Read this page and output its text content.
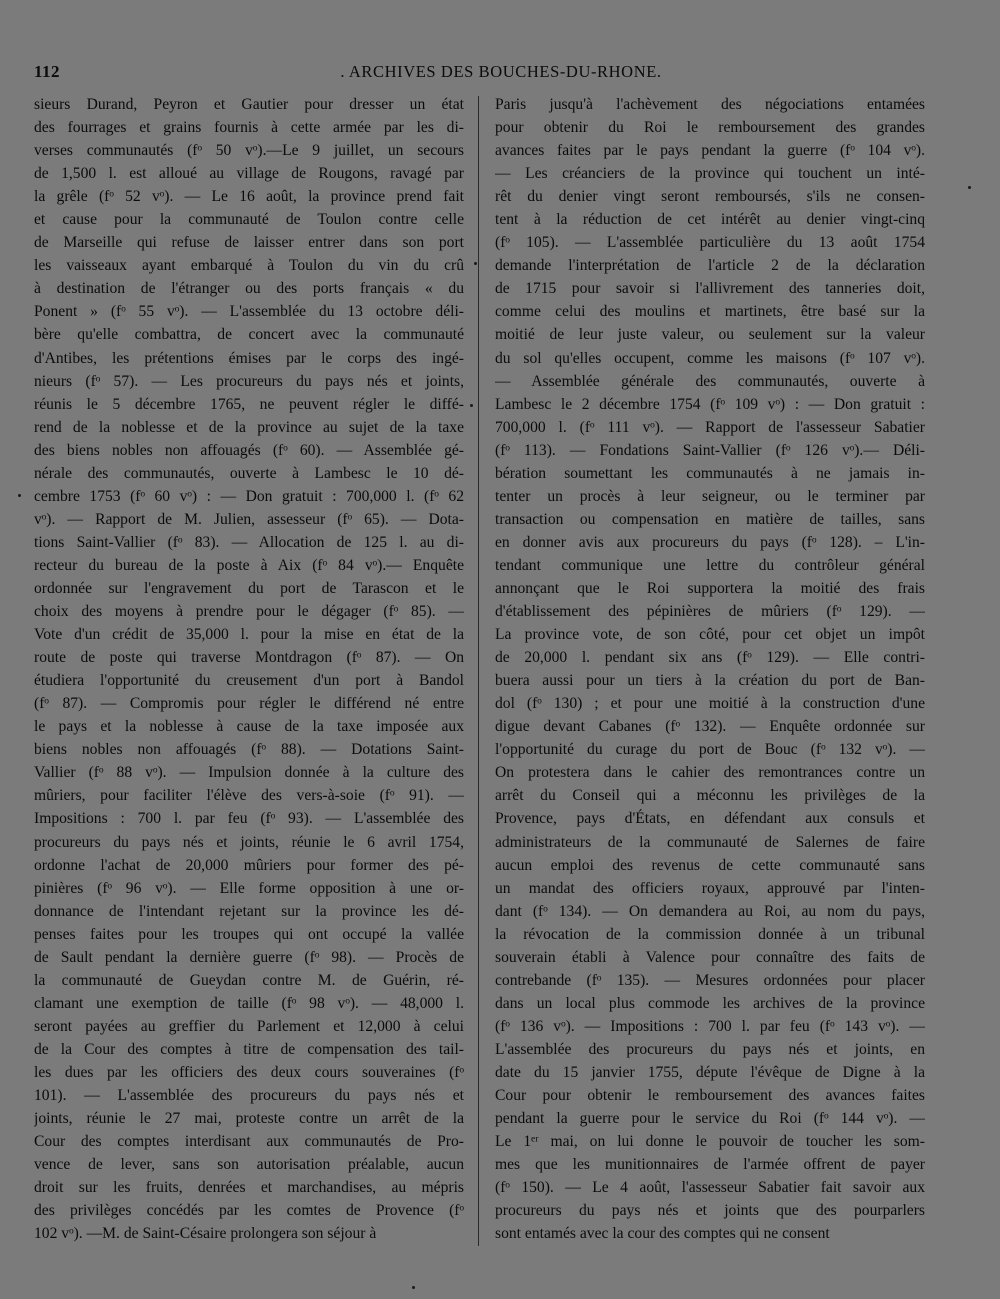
112	. ARCHIVES DES BOUCHES-DU-RHONE.
sieurs Durand, Peyron et Gautier pour dresser un état
des fourrages et grains fournis à cette armée par les di-
verses communautés (fᵒ 50 vᵒ).—Le 9 juillet, un secours
de 1,500 l. est alloué au village de Rougons, ravagé par
la grêle (fᵒ 52 vᵒ). — Le 16 août, la province prend fait
et cause pour la communauté de Toulon contre celle
de Marseille qui refuse de laisser entrer dans son port
les vaisseaux ayant embarqué à Toulon du vin du crû
à destination de l'étranger ou des ports français « du
Ponent » (fᵒ 55 vᵒ). — L'assemblée du 13 octobre déli-
bère qu'elle combattra, de concert avec la communauté
d'Antibes, les prétentions émises par le corps des ingé-
nieurs (fᵒ 57). — Les procureurs du pays nés et joints,
réunis le 5 décembre 1765, ne peuvent régler le diffé-
rend de la noblesse et de la province au sujet de la taxe
des biens nobles non affouagés (fᵒ 60). — Assemblée gé-
nérale des communautés, ouverte à Lambesc le 10 dé-
cembre 1753 (fᵒ 60 vᵒ) : — Don gratuit : 700,000 l. (fᵒ 62
vᵒ). — Rapport de M. Julien, assesseur (fᵒ 65). — Dota-
tions Saint-Vallier (fᵒ 83). — Allocation de 125 l. au di-
recteur du bureau de la poste à Aix (fᵒ 84 vᵒ).— Enquête
ordonnée sur l'engravement du port de Tarascon et le
choix des moyens à prendre pour le dégager (fᵒ 85). —
Vote d'un crédit de 35,000 l. pour la mise en état de la
route de poste qui traverse Montdragon (fᵒ 87). — On
étudiera l'opportunité du creusement d'un port à Bandol
(fᵒ 87). — Compromis pour régler le différend né entre
le pays et la noblesse à cause de la taxe imposée aux
biens nobles non affouagés (fᵒ 88). — Dotations Saint-
Vallier (fᵒ 88 vᵒ). — Impulsion donnée à la culture des
mûriers, pour faciliter l'élève des vers-à-soie (fᵒ 91). —
Impositions : 700 l. par feu (fᵒ 93). — L'assemblée des
procureurs du pays nés et joints, réunie le 6 avril 1754,
ordonne l'achat de 20,000 mûriers pour former des pé-
pinières (fᵒ 96 vᵒ). — Elle forme opposition à une or-
donnance de l'intendant rejetant sur la province les dé-
penses faites pour les troupes qui ont occupé la vallée
de Sault pendant la dernière guerre (fᵒ 98). — Procès de
la communauté de Gueydan contre M. de Guérin, ré-
clamant une exemption de taille (fᵒ 98 vᵒ). — 48,000 l.
seront payées au greffier du Parlement et 12,000 à celui
de la Cour des comptes à titre de compensation des tail-
les dues par les officiers des deux cours souveraines (fᵒ
101). — L'assemblée des procureurs du pays nés et
joints, réunie le 27 mai, proteste contre un arrêt de la
Cour des comptes interdisant aux communautés de Pro-
vence de lever, sans son autorisation préalable, aucun
droit sur les fruits, denrées et marchandises, au mépris
des privilèges concédés par les comtes de Provence (fᵒ
102 vᵒ). —M. de Saint-Césaire prolongera son séjour à
Paris jusqu'à l'achèvement des négociations entamées
pour obtenir du Roi le remboursement des grandes
avances faites par le pays pendant la guerre (fᵒ 104 vᵒ).
— Les créanciers de la province qui touchent un inté-
rêt du denier vingt seront remboursés, s'ils ne consen-
tent à la réduction de cet intérêt au denier vingt-cinq
(fᵒ 105). — L'assemblée particulière du 13 août 1754
demande l'interprétation de l'article 2 de la déclaration
de 1715 pour savoir si l'allivrement des tanneries doit,
comme celui des moulins et martinets, être basé sur la
moitié de leur juste valeur, ou seulement sur la valeur
du sol qu'elles occupent, comme les maisons (fᵒ 107 vᵒ).
— Assemblée générale des communautés, ouverte à
Lambesc le 2 décembre 1754 (fᵒ 109 vᵒ) : — Don gratuit :
700,000 l. (fᵒ 111 vᵒ). — Rapport de l'assesseur Sabatier
(fᵒ 113). — Fondations Saint-Vallier (fᵒ 126 vᵒ).— Déli-
bération soumettant les communautés à ne jamais in-
tenter un procès à leur seigneur, ou le terminer par
transaction ou compensation en matière de tailles, sans
en donner avis aux procureurs du pays (fᵒ 128). – L'in-
tendant communique une lettre du contrôleur général
annonçant que le Roi supportera la moitié des frais
d'établissement des pépinières de mûriers (fᵒ 129). —
La province vote, de son côté, pour cet objet un impôt
de 20,000 l. pendant six ans (fᵒ 129). — Elle contri-
buera aussi pour un tiers à la création du port de Ban-
dol (fᵒ 130) ; et pour une moitié à la construction d'une
digue devant Cabanes (fᵒ 132). — Enquête ordonnée sur
l'opportunité du curage du port de Bouc (fᵒ 132 vᵒ). —
On protestera dans le cahier des remontrances contre un
arrêt du Conseil qui a méconnu les privilèges de la
Provence, pays d'États, en défendant aux consuls et
administrateurs de la communauté de Salernes de faire
aucun emploi des revenus de cette communauté sans
un mandat des officiers royaux, approuvé par l'inten-
dant (fᵒ 134). — On demandera au Roi, au nom du pays,
la révocation de la commission donnée à un tribunal
souverain établi à Valence pour connaître des faits de
contrebande (fᵒ 135). — Mesures ordonnées pour placer
dans un local plus commode les archives de la province
(fᵒ 136 vᵒ). — Impositions : 700 l. par feu (fᵒ 143 vᵒ). —
L'assemblée des procureurs du pays nés et joints, en
date du 15 janvier 1755, députe l'évêque de Digne à la
Cour pour obtenir le remboursement des avances faites
pendant la guerre pour le service du Roi (fᵒ 144 vᵒ). —
Le 1ᵉʳ mai, on lui donne le pouvoir de toucher les som-
mes que les munitionnaires de l'armée offrent de payer
(fᵒ 150). — Le 4 août, l'assesseur Sabatier fait savoir aux
procureurs du pays nés et joints que des pourparlers
sont entamés avec la cour des comptes qui ne consent
